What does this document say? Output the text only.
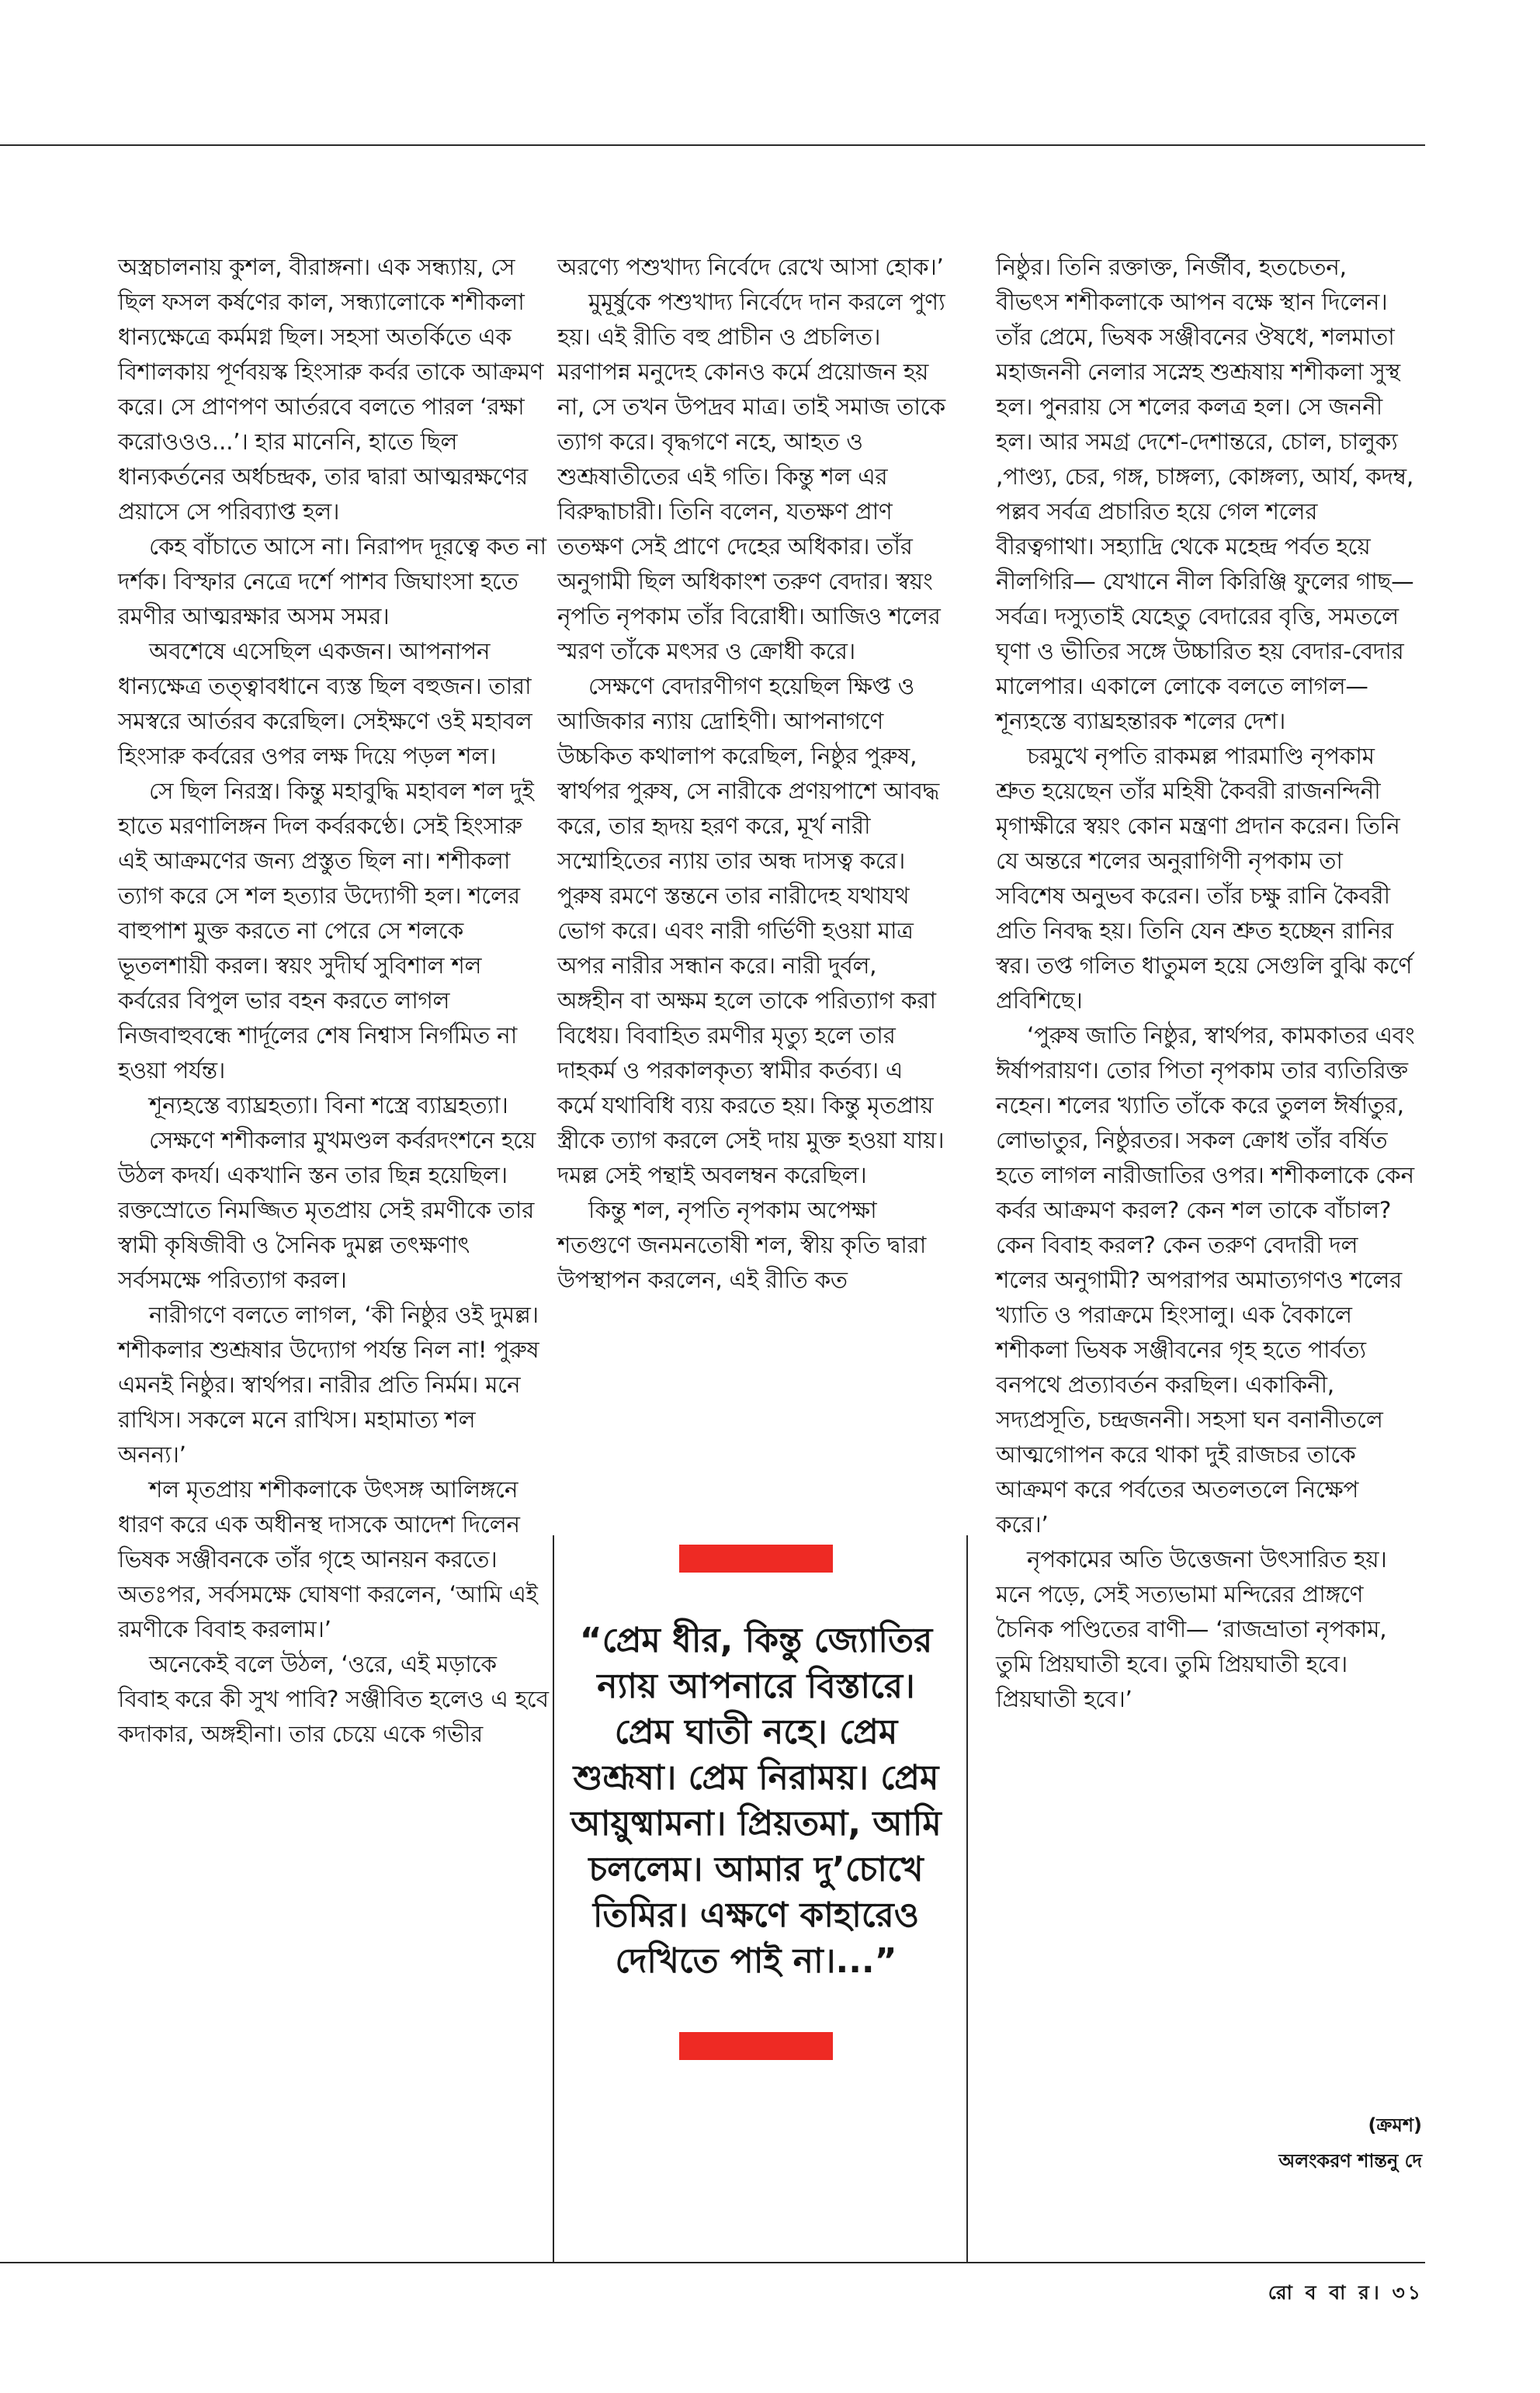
অস্ত্রচালনায় কুশল, বীরাঙ্গনা। এক সন্ধ্যায়, সে ছিল ফসল কর্ষণের কাল, সন্ধ্যালোকে শশীকলা ধান্যক্ষেত্রে কর্মমগ্ন ছিল। সহসা অতর্কিতে এক বিশালকায় পূর্ণবয়স্ক হিংসারু কর্বর তাকে আক্রমণ করে। সে প্রাণপণ আর্তরবে বলতে পারল ‘রক্ষা করোওওও...’। হার মানেনি, হাতে ছিল ধান্যকর্তনের অর্ধচন্দ্রক, তার দ্বারা আত্মরক্ষণের প্রয়াসে সে পরিব্যাপ্ত হল।

কেহ বাঁচাতে আসে না। নিরাপদ দূরত্বে কত না দর্শক। বিস্ফার নেত্রে দর্শে পাশব জিঘাংসা হতে রমণীর আত্মরক্ষার অসম সমর।

অবশেষে এসেছিল একজন। আপনাপন ধান্যক্ষেত্র তত্ত্বাবধানে ব্যস্ত ছিল বহুজন। তারা সমস্বরে আর্তরব করেছিল। সেইক্ষণে ওই মহাবল হিংসারু কর্বরের ওপর লক্ষ দিয়ে পড়ল শল।

সে ছিল নিরস্ত্র। কিন্তু মহাবুদ্ধি মহাবল শল দুই হাতে মরণালিঙ্গন দিল কর্বরকণ্ঠে। সেই হিংসারু এই আক্রমণের জন্য প্রস্তুত ছিল না। শশীকলা ত্যাগ করে সে শল হত্যার উদ্যোগী হল। শলের বাহুপাশ মুক্ত করতে না পেরে সে শলকে ভূতলশায়ী করল। স্বয়ং সুদীর্ঘ সুবিশাল শল কর্বরের বিপুল ভার বহন করতে লাগল নিজবাহুবন্ধে শার্দূলের শেষ নিশ্বাস নির্গমিত না হওয়া পর্যন্ত।

শূন্যহস্তে ব্যাঘ্রহত্যা। বিনা শস্ত্রে ব্যাঘ্রহত্যা।

সেক্ষণে শশীকলার মুখমণ্ডল কর্বরদংশনে হয়ে উঠল কদর্য। একখানি স্তন তার ছিন্ন হয়েছিল। রক্তস্রোতে নিমজ্জিত মৃতপ্রায় সেই রমণীকে তার স্বামী কৃষিজীবী ও সৈনিক দুমল্ল তৎক্ষণাৎ সর্বসমক্ষে পরিত্যাগ করল।

নারীগণে বলতে লাগল, ‘কী নিষ্ঠুর ওই দুমল্ল। শশীকলার শুশ্রূষার উদ্যোগ পর্যন্ত নিল না! পুরুষ এমনই নিষ্ঠুর। স্বার্থপর। নারীর প্রতি নির্মম। মনে রাখিস। সকলে মনে রাখিস। মহামাত্য শল অনন্য।’

শল মৃতপ্রায় শশীকলাকে উৎসঙ্গ আলিঙ্গনে ধারণ করে এক অধীনস্থ দাসকে আদেশ দিলেন ভিষক সঞ্জীবনকে তাঁর গৃহে আনয়ন করতে। অতঃপর, সর্বসমক্ষে ঘোষণা করলেন, ‘আমি এই রমণীকে বিবাহ করলাম।’

অনেকেই বলে উঠল, ‘ওরে, এই মড়াকে বিবাহ করে কী সুখ পাবি? সঞ্জীবিত হলেও এ হবে কদাকার, অঙ্গহীনা। তার চেয়ে একে গভীর

অরণ্যে পশুখাদ্য নির্বেদে রেখে আসা হোক।’

মুমূর্ষুকে পশুখাদ্য নির্বেদে দান করলে পুণ্য হয়। এই রীতি বহু প্রাচীন ও প্রচলিত। মরণাপন্ন মনুদেহ কোনও কর্মে প্রয়োজন হয় না, সে তখন উপদ্রব মাত্র। তাই সমাজ তাকে ত্যাগ করে। বৃদ্ধগণে নহে, আহত ও শুশ্রূষাতীতের এই গতি। কিন্তু শল এর বিরুদ্ধাচারী। তিনি বলেন, যতক্ষণ প্রাণ ততক্ষণ সেই প্রাণে দেহের অধিকার। তাঁর অনুগামী ছিল অধিকাংশ তরুণ বেদার। স্বয়ং নৃপতি নৃপকাম তাঁর বিরোধী। আজিও শলের স্মরণ তাঁকে মৎসর ও ক্রোধী করে।

সেক্ষণে বেদারণীগণ হয়েছিল ক্ষিপ্ত ও আজিকার ন্যায় দ্রোহিণী। আপনাগণে উচ্চকিত কথালাপ করেছিল, নিষ্ঠুর পুরুষ, স্বার্থপর পুরুষ, সে নারীকে প্রণয়পাশে আবদ্ধ করে, তার হৃদয় হরণ করে, মূর্খ নারী সম্মোহিতের ন্যায় তার অন্ধ দাসত্ব করে। পুরুষ রমণে স্তন্তনে তার নারীদেহ যথাযথ ভোগ করে। এবং নারী গর্ভিণী হওয়া মাত্র অপর নারীর সন্ধান করে। নারী দুর্বল, অঙ্গহীন বা অক্ষম হলে তাকে পরিত্যাগ করা বিধেয়। বিবাহিত রমণীর মৃত্যু হলে তার দাহকর্ম ও পরকালকৃত্য স্বামীর কর্তব্য। এ কর্মে যথাবিধি ব্যয় করতে হয়। কিন্তু মৃতপ্রায় স্ত্রীকে ত্যাগ করলে সেই দায় মুক্ত হওয়া যায়। দমল্ল সেই পন্থাই অবলম্বন করেছিল।

কিন্তু শল, নৃপতি নৃপকাম অপেক্ষা শতগুণে জনমনতোষী শল, স্বীয় কৃতি দ্বারা উপস্থাপন করলেন, এই রীতি কত

“প্রেম ধীর, কিন্তু জ্যোতির ন্যায় আপনারে বিস্তারে। প্রেম ঘাতী নহে। প্রেম শুশ্রূষা। প্রেম নিরাময়। প্রেম আয়ুষ্মামনা। প্রিয়তমা, আমি চললেম। আমার দু’চোখে তিমির। এক্ষণে কাহারেও দেখিতে পাই না।...”

নিষ্ঠুর। তিনি রক্তাক্ত, নির্জীব, হতচেতন, বীভৎস শশীকলাকে আপন বক্ষে স্থান দিলেন। তাঁর প্রেমে, ভিষক সঞ্জীবনের ঔষধে, শলমাতা মহাজননী নেলার সস্নেহ শুশ্রূষায় শশীকলা সুস্থ হল। পুনরায় সে শলের কলত্র হল। সে জননী হল। আর সমগ্র দেশে-দেশান্তরে, চোল, চালুক্য ,পাণ্ড্য, চের, গঙ্গ, চাঙ্গল্য, কোঙ্গল্য, আর্য, কদম্ব, পল্লব সর্বত্র প্রচারিত হয়ে গেল শলের বীরত্বগাথা। সহ্যাদ্রি থেকে মহেন্দ্র পর্বত হয়ে নীলগিরি— যেখানে নীল কিরিঞ্জি ফুলের গাছ— সর্বত্র। দস্যুতাই যেহেতু বেদারের বৃত্তি, সমতলে ঘৃণা ও ভীতির সঙ্গে উচ্চারিত হয় বেদার-বেদার মালেপার। একালে লোকে বলতে লাগল— শূন্যহস্তে ব্যাঘ্রহন্তারক শলের দেশ।

চরমুখে নৃপতি রাকমল্ল পারমাণ্ডি নৃপকাম শ্রুত হয়েছেন তাঁর মহিষী কৈবরী রাজনন্দিনী মৃগাক্ষীরে স্বয়ং কোন মন্ত্রণা প্রদান করেন। তিনি যে অন্তরে শলের অনুরাগিণী নৃপকাম তা সবিশেষ অনুভব করেন। তাঁর চক্ষু রানি কৈবরী প্রতি নিবদ্ধ হয়। তিনি যেন শ্রুত হচ্ছেন রানির স্বর। তপ্ত গলিত ধাতুমল হয়ে সেগুলি বুঝি কর্ণে প্রবিশিছে।

‘পুরুষ জাতি নিষ্ঠুর, স্বার্থপর, কামকাতর এবং ঈর্ষাপরায়ণ। তোর পিতা নৃপকাম তার ব্যতিরিক্ত নহেন। শলের খ্যাতি তাঁকে করে তুলল ঈর্ষাতুর, লোভাতুর, নিষ্ঠুরতর। সকল ক্রোধ তাঁর বর্ষিত হতে লাগল নারীজাতির ওপর। শশীকলাকে কেন কর্বর আক্রমণ করল? কেন শল তাকে বাঁচাল? কেন বিবাহ করল? কেন তরুণ বেদারী দল শলের অনুগামী? অপরাপর অমাত্যগণও শলের খ্যাতি ও পরাক্রমে হিংসালু। এক বৈকালে শশীকলা ভিষক সঞ্জীবনের গৃহ হতে পার্বত্য বনপথে প্রত্যাবর্তন করছিল। একাকিনী, সদ্যপ্রসূতি, চন্দ্রজননী। সহসা ঘন বনানীতলে আত্মগোপন করে থাকা দুই রাজচর তাকে আক্রমণ করে পর্বতের অতলতলে নিক্ষেপ করে।’

নৃপকামের অতি উত্তেজনা উৎসারিত হয়। মনে পড়ে, সেই সত্যভামা মন্দিরের প্রাঙ্গণে চৈনিক পণ্ডিতের বাণী— ‘রাজভ্রাতা নৃপকাম, তুমি প্রিয়ঘাতী হবে। তুমি প্রিয়ঘাতী হবে। প্রিয়ঘাতী হবে।’

(ক্রমশ)
অলংকরণ শান্তনু দে
রো ব বা র। ৩১
